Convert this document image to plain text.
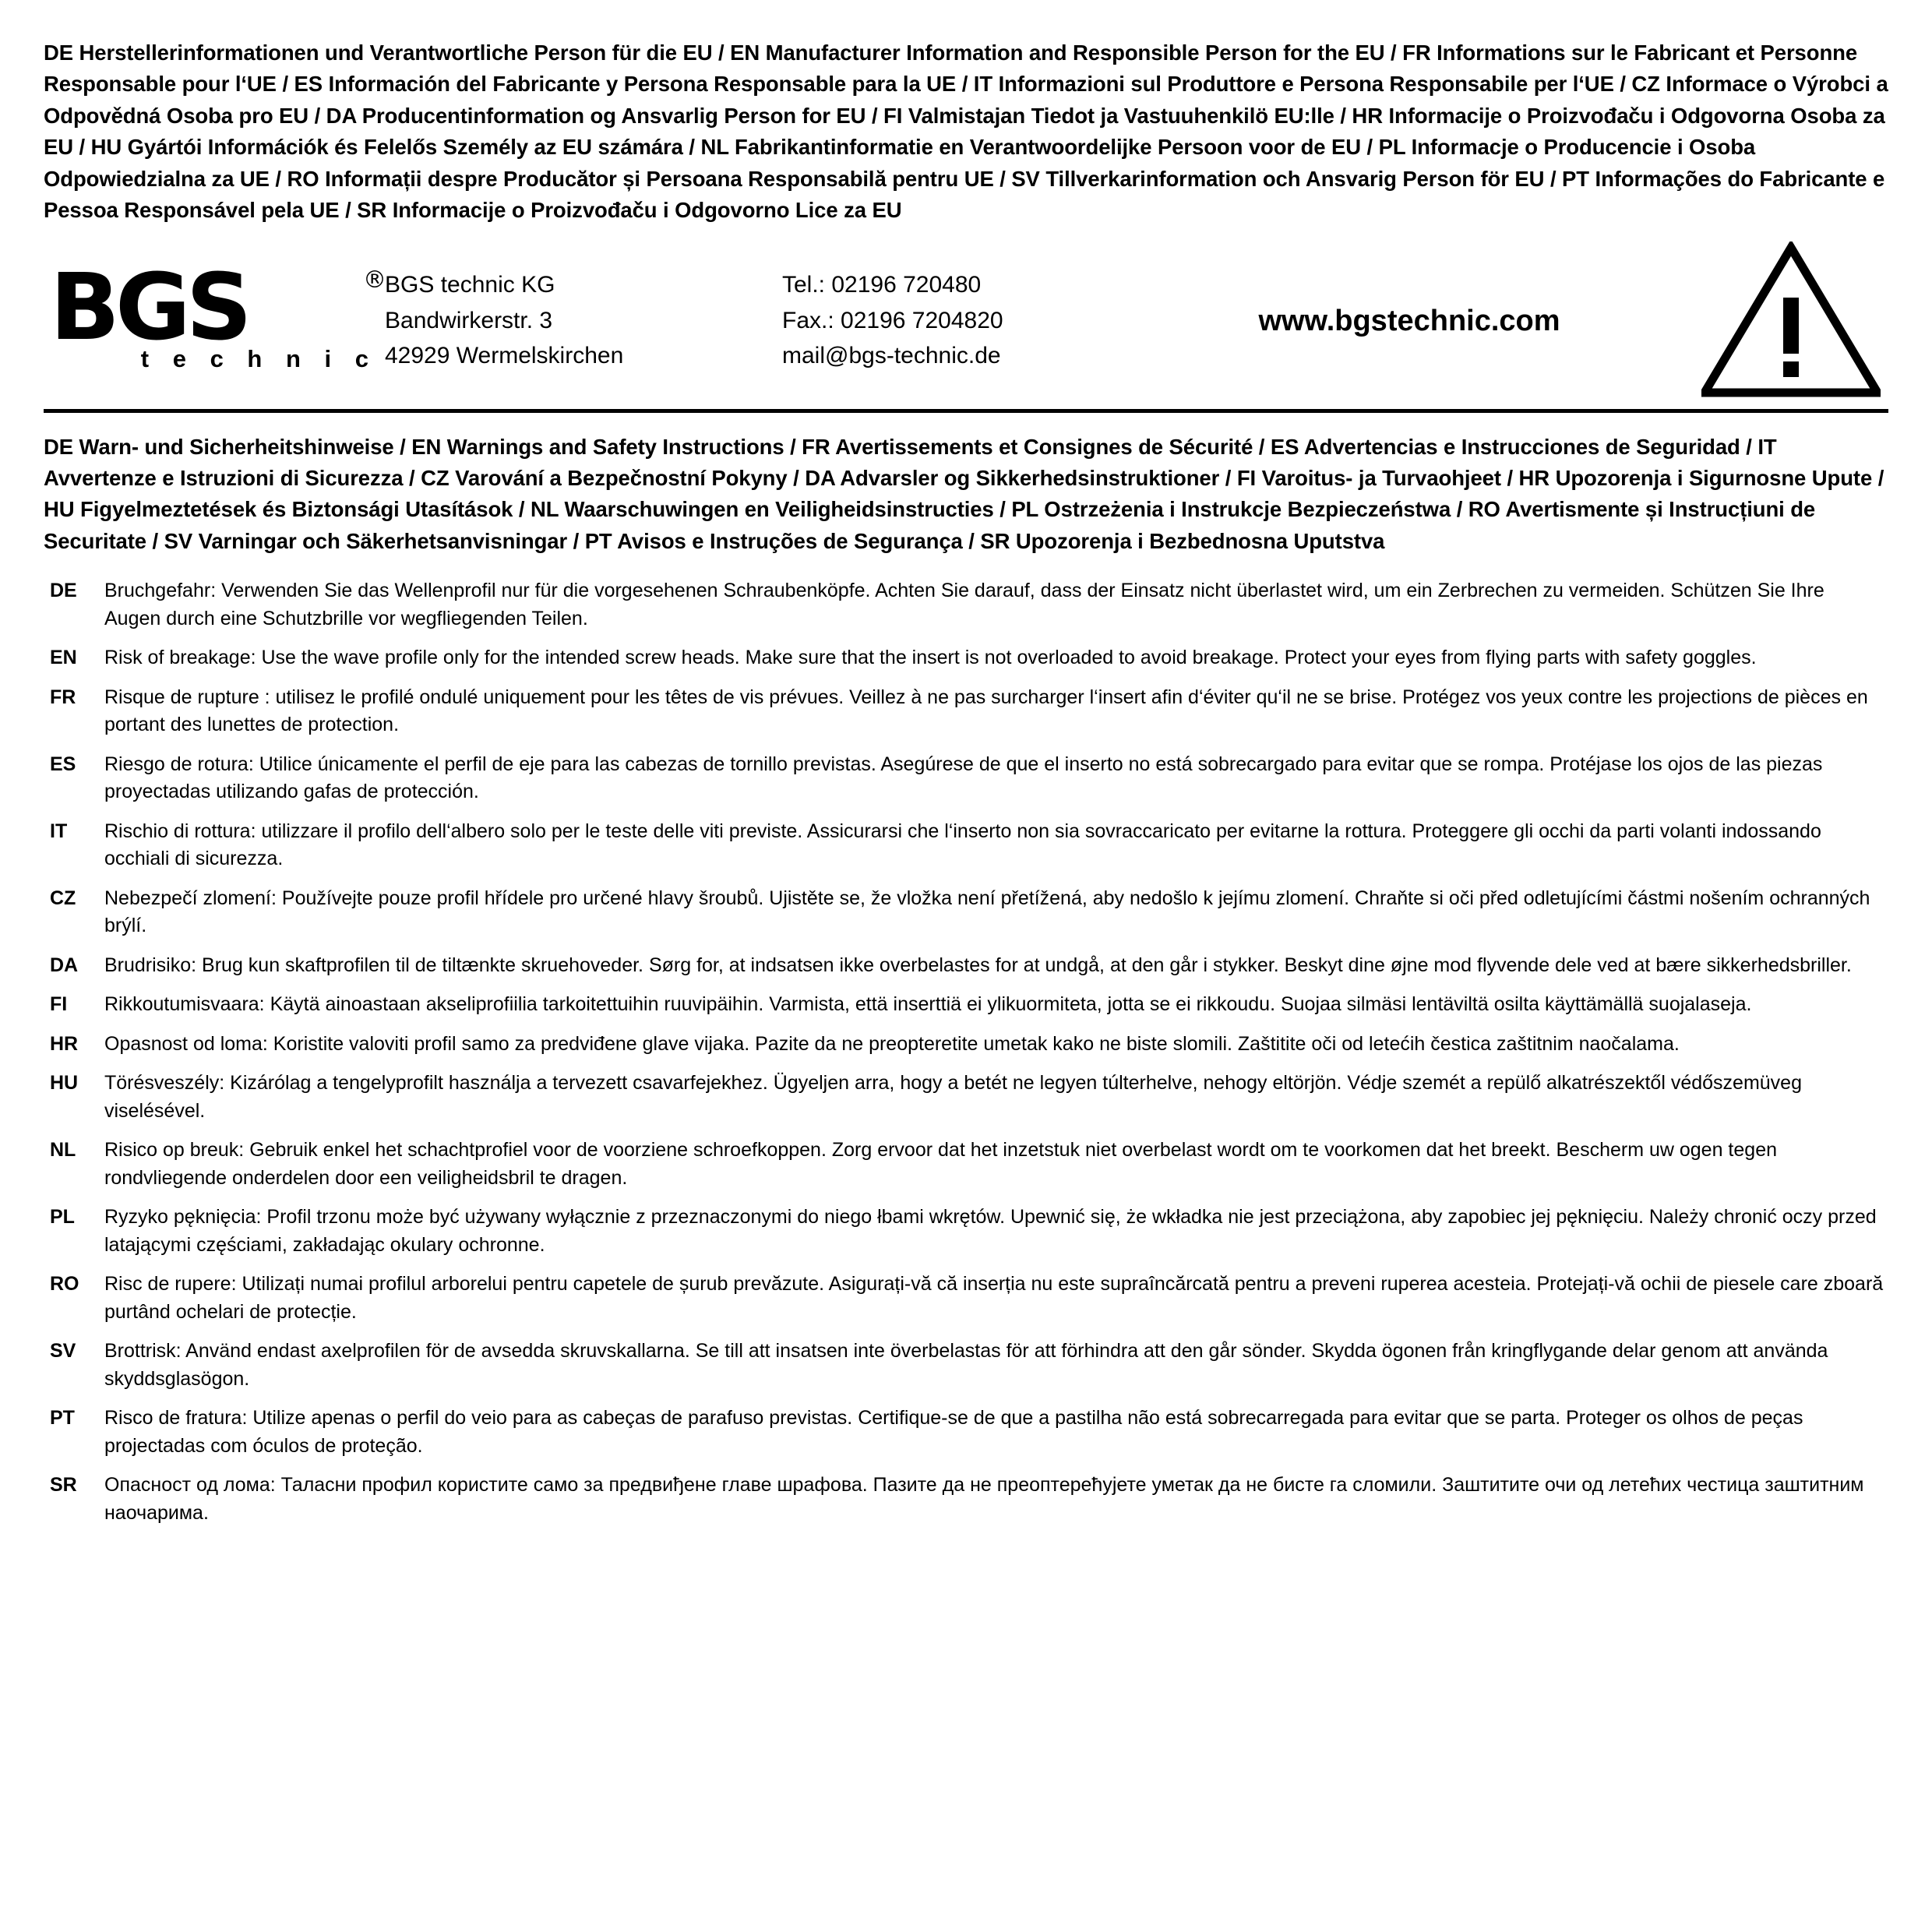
DE Herstellerinformationen und Verantwortliche Person für die EU / EN Manufacturer Information and Responsible Person for the EU / FR Informations sur le Fabricant et Personne Responsable pour l‘UE / ES Información del Fabricante y Persona Responsable para la UE / IT Informazioni sul Produttore e Persona Responsabile per l‘UE / CZ Informace o Výrobci a Odpovědná Osoba pro EU / DA Producentinformation og Ansvarlig Person for EU / FI Valmistajan Tiedot ja Vastuuhenkilö EU:lle / HR Informacije o Proizvođaču i Odgovorna Osoba za EU / HU Gyártói Információk és Felelős Személy az EU számára / NL Fabrikantinformatie en Verantwoordelijke Persoon voor de EU / PL Informacje o Producencie i Osoba Odpowiedzialna za UE / RO Informații despre Producător și Persoana Responsabilă pentru UE / SV Tillverkarinformation och Ansvarig Person för EU / PT Informações do Fabricante e Pessoa Responsável pela UE / SR Informacije o Proizvođaču i Odgovorno Lice za EU
BGS	®
t e c h n i c
BGS technic KG
Bandwirkerstr. 3
42929 Wermelskirchen
Tel.: 02196 720480
Fax.: 02196 7204820
mail@bgs-technic.de
www.bgstechnic.com
DE Warn- und Sicherheitshinweise / EN Warnings and Safety Instructions / FR Avertissements et Consignes de Sécurité / ES Advertencias e Instrucciones de Seguridad / IT Avvertenze e Istruzioni di Sicurezza / CZ Varování a Bezpečnostní Pokyny / DA Advarsler og Sikkerhedsinstruktioner / FI Varoitus- ja Turvaohjeet / HR Upozorenja i Sigurnosne Upute / HU Figyelmeztetések és Biztonsági Utasítások / NL Waarschuwingen en Veiligheidsinstructies / PL Ostrzeżenia i Instrukcje Bezpieczeństwa / RO Avertismente și Instrucțiuni de Securitate / SV Varningar och Säkerhetsanvisningar / PT Avisos e Instruções de Segurança / SR Upozorenja i Bezbednosna Uputstva
DE	Bruchgefahr: Verwenden Sie das Wellenprofil nur für die vorgesehenen Schraubenköpfe. Achten Sie darauf, dass der Einsatz nicht überlastet wird, um ein Zerbrechen zu vermeiden. Schützen Sie Ihre Augen durch eine Schutzbrille vor wegfliegenden Teilen.
EN	Risk of breakage: Use the wave profile only for the intended screw heads. Make sure that the insert is not overloaded to avoid breakage. Protect your eyes from flying parts with safety goggles.
FR	Risque de rupture : utilisez le profilé ondulé uniquement pour les têtes de vis prévues. Veillez à ne pas surcharger l‘insert afin d‘éviter qu‘il ne se brise. Protégez vos yeux contre les projections de pièces en portant des lunettes de protection.
ES	Riesgo de rotura: Utilice únicamente el perfil de eje para las cabezas de tornillo previstas. Asegúrese de que el inserto no está sobrecargado para evitar que se rompa. Protéjase los ojos de las piezas proyectadas utilizando gafas de protección.
IT	Rischio di rottura: utilizzare il profilo dell‘albero solo per le teste delle viti previste. Assicurarsi che l‘inserto non sia sovraccaricato per evitarne la rottura. Proteggere gli occhi da parti volanti indossando occhiali di sicurezza.
CZ	Nebezpečí zlomení: Používejte pouze profil hřídele pro určené hlavy šroubů. Ujistěte se, že vložka není přetížená, aby nedošlo k jejímu zlomení. Chraňte si oči před odletujícími částmi nošením ochranných brýlí.
DA	Brudrisiko: Brug kun skaftprofilen til de tiltænkte skruehoveder. Sørg for, at indsatsen ikke overbelastes for at undgå, at den går i stykker. Beskyt dine øjne mod flyvende dele ved at bære sikkerhedsbriller.
FI	Rikkoutumisvaara: Käytä ainoastaan akseliprofiilia tarkoitettuihin ruuvipäihin. Varmista, että inserttiä ei ylikuormiteta, jotta se ei rikkoudu. Suojaa silmäsi lentäviltä osilta käyttämällä suojalaseja.
HR	Opasnost od loma: Koristite valoviti profil samo za predviđene glave vijaka. Pazite da ne preopteretite umetak kako ne biste slomili. Zaštitite oči od letećih čestica zaštitnim naočalama.
HU	Törésveszély: Kizárólag a tengelyprofilt használja a tervezett csavarfejekhez. Ügyeljen arra, hogy a betét ne legyen túlterhelve, nehogy eltörjön. Védje szemét a repülő alkatrészektől védőszemüveg viselésével.
NL	Risico op breuk: Gebruik enkel het schachtprofiel voor de voorziene schroefkoppen. Zorg ervoor dat het inzetstuk niet overbelast wordt om te voorkomen dat het breekt. Bescherm uw ogen tegen rondvliegende onderdelen door een veiligheidsbril te dragen.
PL	Ryzyko pęknięcia: Profil trzonu może być używany wyłącznie z przeznaczonymi do niego łbami wkrętów. Upewnić się, że wkładka nie jest przeciążona, aby zapobiec jej pęknięciu. Należy chronić oczy przed latającymi częściami, zakładając okulary ochronne.
RO	Risc de rupere: Utilizați numai profilul arborelui pentru capetele de șurub prevăzute. Asigurați-vă că inserția nu este supraîncărcată pentru a preveni ruperea acesteia. Protejați-vă ochii de piesele care zboară purtând ochelari de protecție.
SV	Brottrisk: Använd endast axelprofilen för de avsedda skruvskallarna. Se till att insatsen inte överbelastas för att förhindra att den går sönder. Skydda ögonen från kringflygande delar genom att använda skyddsglasögon.
PT	Risco de fratura: Utilize apenas o perfil do veio para as cabeças de parafuso previstas. Certifique-se de que a pastilha não está sobrecarregada para evitar que se parta. Proteger os olhos de peças projectadas com óculos de proteção.
SR	Опасност од лома: Таласни профил користите само за предвиђене главе шрафова. Пазите да не преоптерећујете уметак да не бисте га сломили. Заштитите очи од летећих честица заштитним наочарима.
